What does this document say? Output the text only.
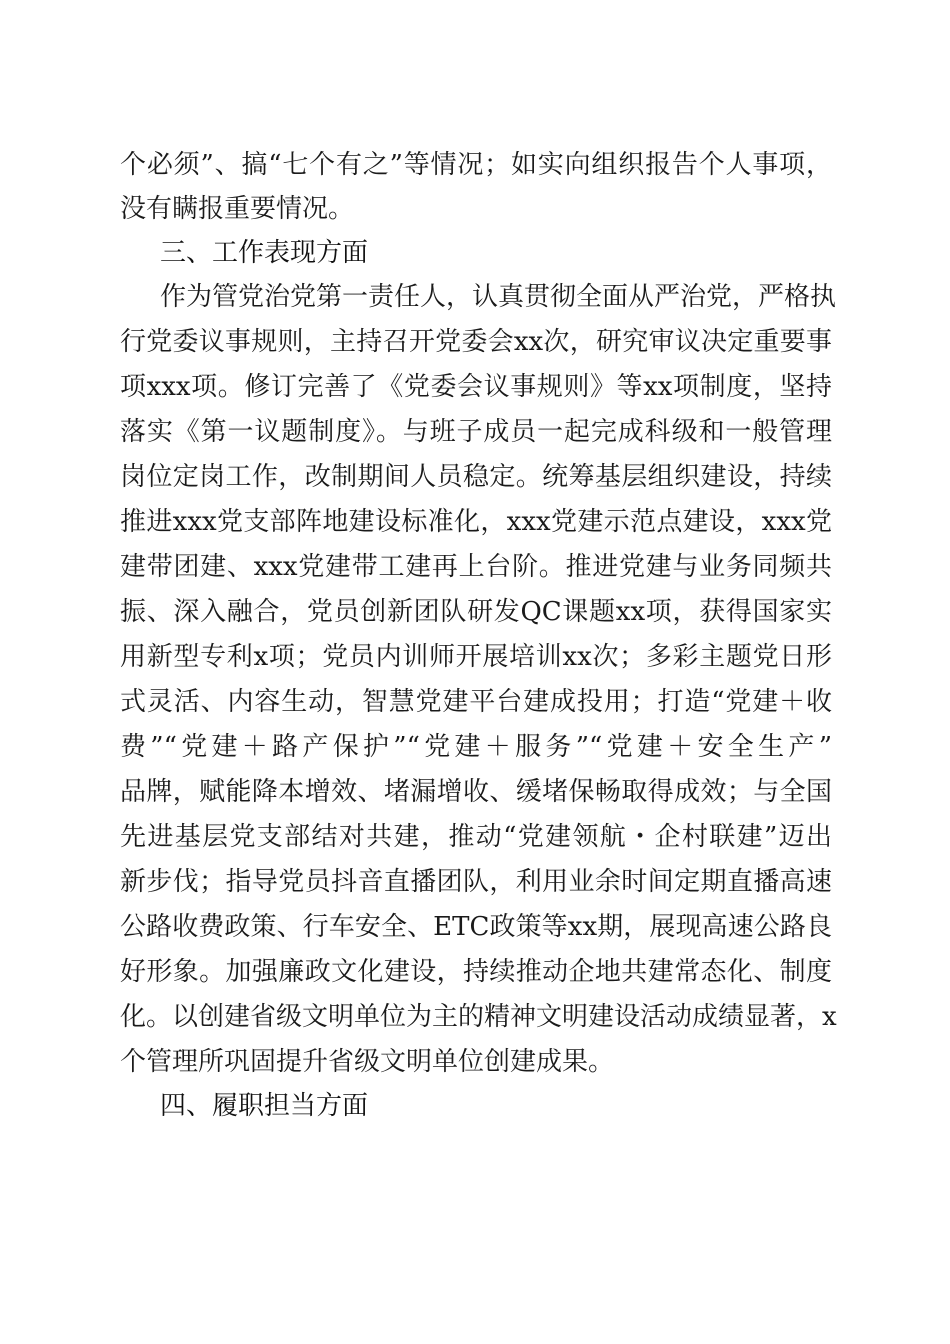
个必须”、搞“七个有之”等情况；如实向组织报告个人事项，

没有瞒报重要情况。

三、工作表现方面

作为管党治党第一责任人，认真贯彻全面从严治党，严格执

行党委议事规则，主持召开党委会xx次，研究审议决定重要事

项xxx项。修订完善了《党委会议事规则》等xx项制度，坚持

落实《第一议题制度》。与班子成员一起完成科级和一般管理

岗位定岗工作，改制期间人员稳定。统筹基层组织建设，持续

推进xxx党支部阵地建设标准化，xxx党建示范点建设，xxx党

建带团建、xxx党建带工建再上台阶。推进党建与业务同频共

振、深入融合，党员创新团队研发QC课题xx项，获得国家实

用新型专利x项；党员内训师开展培训xx次；多彩主题党日形

式灵活、内容生动，智慧党建平台建成投用；打造“党建＋收

费”“党建＋路产保护”“党建＋服务”“党建＋安全生产”

品牌，赋能降本增效、堵漏增收、缓堵保畅取得成效；与全国

先进基层党支部结对共建，推动“党建领航・企村联建”迈出

新步伐；指导党员抖音直播团队，利用业余时间定期直播高速

公路收费政策、行车安全、ETC政策等xx期，展现高速公路良

好形象。加强廉政文化建设，持续推动企地共建常态化、制度

化。以创建省级文明单位为主的精神文明建设活动成绩显著，x

个管理所巩固提升省级文明单位创建成果。

四、履职担当方面
